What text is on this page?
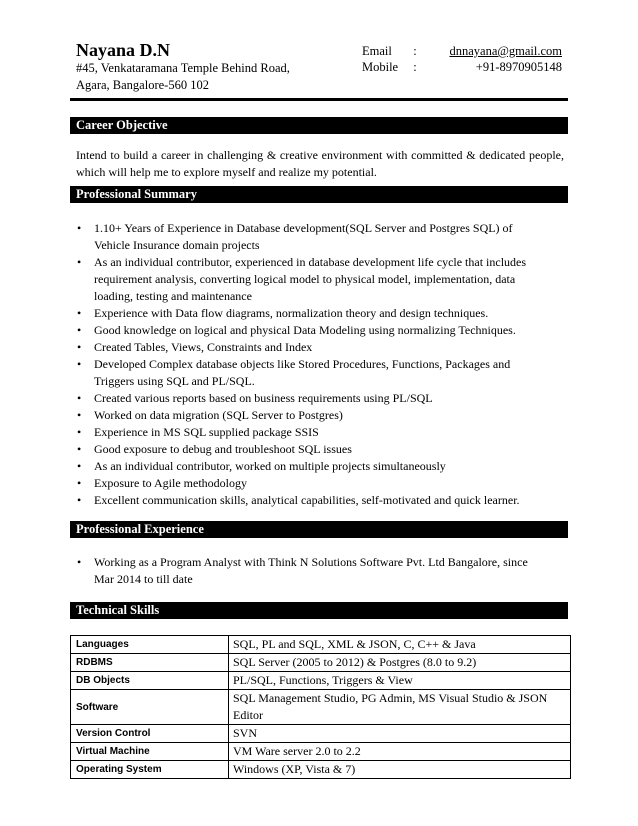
Nayana D.N
#45, Venkataramana Temple Behind Road,
Agara, Bangalore-560 102
Email	:	dnnayana@gmail.com
Mobile	:	+91-8970905148
Career Objective
Intend to build a career in challenging & creative environment with committed & dedicated people, which will help me to explore myself and realize my potential.
Professional Summary
• 1.10+ Years of Experience in Database development(SQL Server and Postgres SQL) of Vehicle Insurance domain projects
• As an individual contributor, experienced in database development life cycle that includes requirement analysis, converting logical model to physical model, implementation, data loading, testing and maintenance
• Experience with Data flow diagrams, normalization theory and design techniques.
• Good knowledge on logical and physical Data Modeling using normalizing Techniques.
• Created Tables, Views, Constraints and Index
• Developed Complex database objects like Stored Procedures, Functions, Packages and Triggers using SQL and PL/SQL.
• Created various reports based on business requirements using PL/SQL
• Worked on data migration (SQL Server to Postgres)
• Experience in MS SQL supplied package SSIS
• Good exposure to debug and troubleshoot SQL issues
• As an individual contributor, worked on multiple projects simultaneously
• Exposure to Agile methodology
• Excellent communication skills, analytical capabilities, self-motivated and quick learner.
Professional Experience
• Working as a Program Analyst with Think N Solutions Software Pvt. Ltd Bangalore, since Mar 2014 to till date
Technical Skills
Languages	SQL, PL and SQL, XML & JSON, C, C++ & Java
RDBMS	SQL Server (2005 to 2012) & Postgres (8.0 to 9.2)
DB Objects	PL/SQL, Functions, Triggers & View
Software	SQL Management Studio, PG Admin, MS Visual Studio & JSON Editor
Version Control	SVN
Virtual Machine	VM Ware server 2.0 to 2.2
Operating System	Windows (XP, Vista & 7)
